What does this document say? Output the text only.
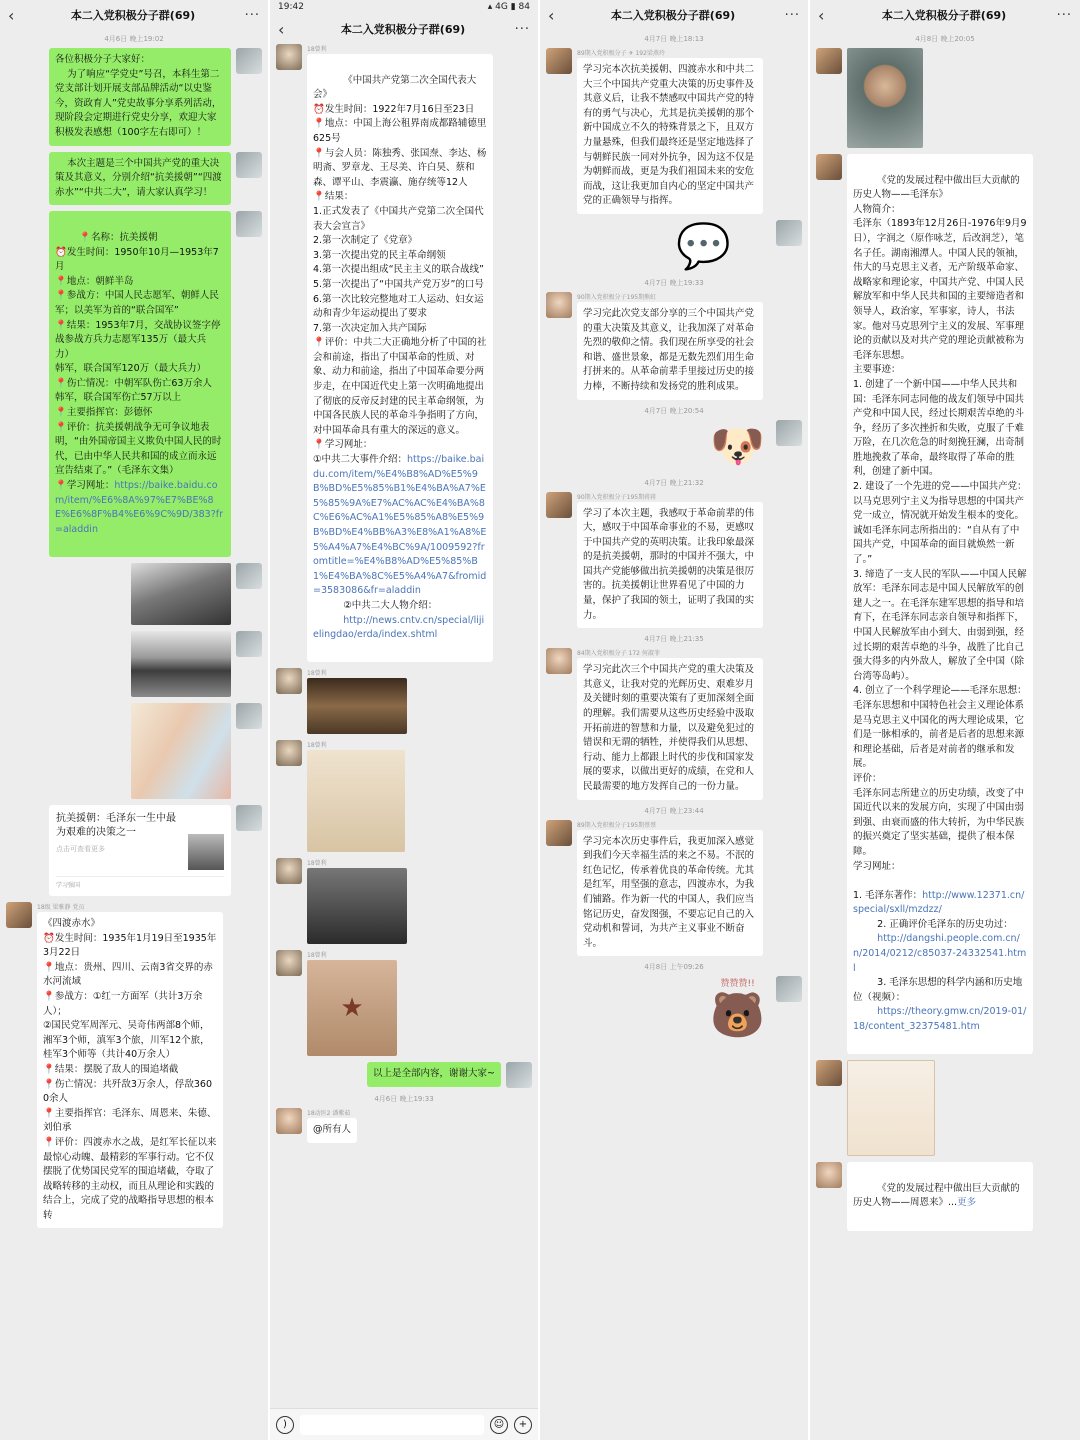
‹	本二入党积极分子群(69)	···
4月6日 晚上19:02
各位积极分子大家好：
为了响应“学党史”号召，本科生第二党支部计划开展支部品牌活动“以史鉴今，资政育人”党史故事分享系列活动，现阶段会定期进行党史分享，欢迎大家积极发表感想（100字左右即可）！
本次主题是三个中国共产党的重大决策及其意义，分别介绍“抗美援朝”“四渡赤水”“中共二大”，请大家认真学习！

📍名称：抗美援朝
⏰发生时间：1950年10月—1953年7月
📍地点：朝鲜半岛
📍参战方：中国人民志愿军、朝鲜人民军；以美军为首的“联合国军”
📍结果：1953年7月，交战协议签字停战参战方兵力志愿军135万（最大兵力）
韩军，联合国军120万（最大兵力）
📍伤亡情况：中朝军队伤亡63万余人
韩军，联合国军伤亡57万以上
📍主要指挥官：彭德怀
📍评价：抗美援朝战争无可争议地表明，“由外国帝国主义欺负中国人民的时代，已由中华人民共和国的成立而永远宣告结束了。”（毛泽东文集）
📍学习网址：https://baike.baidu.com/item/%E6%8A%97%E7%BE%8E%E6%8F%B4%E6%9C%9D/383?fr=aladdin

抗美援朝：毛泽东一生中最为艰难的决策之一
点击可查看更多
学习强国
18级 梁雅静 党员
《四渡赤水》
⏰发生时间：1935年1月19日至1935年3月22日
📍地点：贵州、四川、云南3省交界的赤水河流域
📍参战方：①红一方面军（共计3万余人）；
②国民党军周浑元、吴奇伟两部8个师，湘军3个师，滇军3个旅，川军12个旅，桂军3个师等（共计40万余人）
📍结果：摆脱了敌人的围追堵截
📍伤亡情况：共歼敌3万余人，俘敌3600余人
📍主要指挥官：毛泽东、周恩来、朱德、刘伯承
📍评价：四渡赤水之战，是红军长征以来最惊心动魄、最精彩的军事行动。它不仅摆脱了优势国民党军的围追堵截，夺取了战略转移的主动权，而且从理论和实践的结合上，完成了党的战略指导思想的根本转
19:42	▴ 4G ▮ 84
‹	本二入党积极分子群(69)	···
18曾利

《中国共产党第二次全国代表大会》
⏰发生时间：1922年7月16日至23日
📍地点：中国上海公租界南成都路辅德里625号
📍与会人员：陈独秀、张国焘、李达、杨明斋、罗章龙、王尽美、许白昊、蔡和森、谭平山、李震瀛、施存统等12人
📍结果：
1.正式发表了《中国共产党第二次全国代表大会宣言》
2.第一次制定了《党章》
3.第一次提出党的民主革命纲领
4.第一次提出组成“民主主义的联合战线”
5.第一次提出了“中国共产党万岁”的口号
6.第一次比较完整地对工人运动、妇女运动和青少年运动提出了要求
7.第一次决定加入共产国际
📍评价：中共二大正确地分析了中国的社会和前途，指出了中国革命的性质、对象、动力和前途，指出了中国革命要分两步走，在中国近代史上第一次明确地提出了彻底的反帝反封建的民主革命纲领，为中国各民族人民的革命斗争指明了方向，对中国革命具有重大的深远的意义。
📍学习网址：
①中共二大事件介绍：https://baike.baidu.com/item/%E4%B8%AD%E5%9B%BD%E5%85%B1%E4%BA%A7%E5%85%9A%E7%AC%AC%E4%BA%8C%E6%AC%A1%E5%85%A8%E5%9B%BD%E4%BB%A3%E8%A1%A8%E5%A4%A7%E4%BC%9A/1009592?fromtitle=%E4%B8%AD%E5%85%B1%E4%BA%8C%E5%A4%A7&fromid=3583086&fr=aladdin
②中共二大人物介绍：
http://news.cntv.cn/special/lijielingdao/erda/index.shtml

18曾利
18曾利
18曾利
18曾利
★
以上是全部内容，谢谢大家~
4月6日 晚上19:33
18动医2 潘紫茹
@所有人
)	☺	+
‹	本二入党积极分子群(69)	···
4月7日 晚上18:13
89期入党积极分子 ✈ 192梁燕玲
学习完本次抗美援朝、四渡赤水和中共二大三个中国共产党重大决策的历史事件及其意义后，让我不禁感叹中国共产党的特有的勇气与决心，尤其是抗美援朝的那个新中国成立不久的特殊背景之下，且双方力量悬殊，但我们最终还是坚定地选择了与朝鲜民族一同对外抗争，因为这不仅是为朝鲜而战，更是为我们祖国未来的安危而战，这让我更加自内心的坚定中国共产党的正确领导与指挥。
💬
4月7日 晚上19:33
90期入党积极分子195期熊虹
学习完此次党支部分享的三个中国共产党的重大决策及其意义，让我加深了对革命先烈的敬仰之情。我们现在所享受的社会和谐、盛世景象，都是无数先烈们用生命打拼来的。从革命前辈手里接过历史的接力棒，不断持续和发扬党的胜利成果。
4月7日 晚上20:54
🐶
4月7日 晚上21:32
90期入党积极分子195期蒋蒋
学习了本次主题，我感叹于革命前辈的伟大，感叹于中国革命事业的不易，更感叹于中国共产党的英明决策。让我印象最深的是抗美援朝，那时的中国并不强大，中国共产党能够做出抗美援朝的决策是很厉害的。抗美援朝让世界看见了中国的力量，保护了我国的领土，证明了我国的实力。
4月7日 晚上21:35
84期入党积极分子 172 何淑菲
学习完此次三个中国共产党的重大决策及其意义，让我对党的光辉历史、艰难岁月及关键时刻的重要决策有了更加深刻全面的理解。我们需要从这些历史经验中汲取开拓前进的智慧和力量，以及避免犯过的错误和无谓的牺牲，并使得我们从思想、行动、能力上都跟上时代的步伐和国家发展的要求，以做出更好的成绩，在党和人民最需要的地方发挥自己的一份力量。
4月7日 晚上23:44
89期入党积极分子195期蔡蔡
学习完本次历史事件后，我更加深入感觉到我们今天幸福生活的来之不易。不泯的红色记忆，传承着优良的革命传统。尤其是红军，用坚强的意志，四渡赤水，为我们铺路。作为新一代的中国人，我们应当铭记历史，奋发图强，不要忘记自己的入党动机和誓词，为共产主义事业不断奋斗。
4月8日 上午09:26
赞赞赞!!
🐻
‹	本二入党积极分子群(69)	···
4月8日 晚上20:05

《党的发展过程中做出巨大贡献的历史人物——毛泽东》
人物简介：
毛泽东（1893年12月26日-1976年9月9日），字润之（原作咏芝，后改润芝），笔名子任。湖南湘潭人。中国人民的领袖，伟大的马克思主义者，无产阶级革命家、战略家和理论家，中国共产党、中国人民解放军和中华人民共和国的主要缔造者和领导人，政治家，军事家，诗人，书法家。他对马克思列宁主义的发展、军事理论的贡献以及对共产党的理论贡献被称为毛泽东思想。
主要事迹：
1. 创建了一个新中国——中华人民共和国：毛泽东同志同他的战友们领导中国共产党和中国人民，经过长期艰苦卓绝的斗争，经历了多次挫折和失败，克服了千难万险，在几次危急的时刻挽狂澜，出奇制胜地挽救了革命，最终取得了革命的胜利，创建了新中国。
2. 建设了一个先进的党——中国共产党：以马克思列宁主义为指导思想的中国共产党一成立，情况就开始发生根本的变化。诚如毛泽东同志所指出的：“自从有了中国共产党，中国革命的面目就焕然一新了。”
3. 缔造了一支人民的军队——中国人民解放军：毛泽东同志是中国人民解放军的创建人之一。在毛泽东建军思想的指导和培育下，在毛泽东同志亲自领导和指挥下，中国人民解放军由小到大、由弱到强，经过长期的艰苦卓绝的斗争，战胜了比自己强大得多的内外敌人，解放了全中国（除台湾等岛屿）。
4. 创立了一个科学理论——毛泽东思想：毛泽东思想和中国特色社会主义理论体系是马克思主义中国化的两大理论成果，它们是一脉相承的，前者是后者的思想来源和理论基础，后者是对前者的继承和发展。
评价：
毛泽东同志所建立的历史功绩，改变了中国近代以来的发展方向，实现了中国由弱到强、由衰而盛的伟大转折，为中华民族的振兴奠定了坚实基础，提供了根本保障。
学习网址：

1. 毛泽东著作：http://www.12371.cn/special/sxll/mzdzz/
2. 正确评价毛泽东的历史功过：
http://dangshi.people.com.cn/n/2014/0212/c85037-24332541.html
3. 毛泽东思想的科学内涵和历史地位（视频）：
https://theory.gmw.cn/2019-01/18/content_32375481.htm

《党的发展过程中做出巨大贡献的历史人物——周恩来》...更多
